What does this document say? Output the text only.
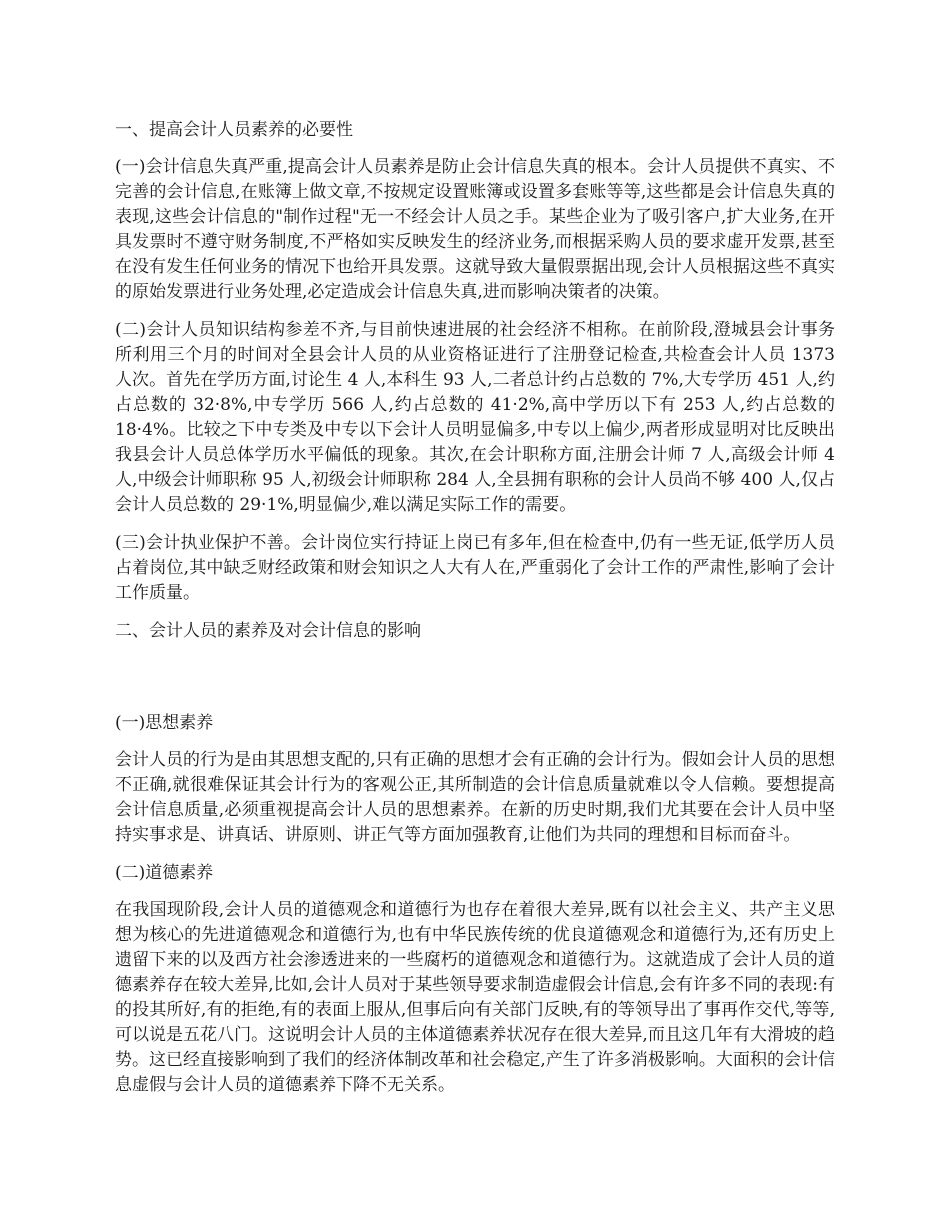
一、提高会计人员素养的必要性

(一)会计信息失真严重,提高会计人员素养是防止会计信息失真的根本。会计人员提供不真实、不完善的会计信息,在账簿上做文章,不按规定设置账簿或设置多套账等等,这些都是会计信息失真的表现,这些会计信息的"制作过程"无一不经会计人员之手。某些企业为了吸引客户,扩大业务,在开具发票时不遵守财务制度,不严格如实反映发生的经济业务,而根据采购人员的要求虚开发票,甚至在没有发生任何业务的情况下也给开具发票。这就导致大量假票据出现,会计人员根据这些不真实的原始发票进行业务处理,必定造成会计信息失真,进而影响决策者的决策。

(二)会计人员知识结构参差不齐,与目前快速进展的社会经济不相称。在前阶段,澄城县会计事务所利用三个月的时间对全县会计人员的从业资格证进行了注册登记检查,共检查会计人员 1373 人次。首先在学历方面,讨论生 4 人,本科生 93 人,二者总计约占总数的 7%,大专学历 451 人,约占总数的 32·8%,中专学历 566 人,约占总数的 41·2%,高中学历以下有 253 人,约占总数的 18·4%。比较之下中专类及中专以下会计人员明显偏多,中专以上偏少,两者形成显明对比反映出我县会计人员总体学历水平偏低的现象。其次,在会计职称方面,注册会计师 7 人,高级会计师 4 人,中级会计师职称 95 人,初级会计师职称 284 人,全县拥有职称的会计人员尚不够 400 人,仅占会计人员总数的 29·1%,明显偏少,难以满足实际工作的需要。

(三)会计执业保护不善。会计岗位实行持证上岗已有多年,但在检查中,仍有一些无证,低学历人员占着岗位,其中缺乏财经政策和财会知识之人大有人在,严重弱化了会计工作的严肃性,影响了会计工作质量。

二、会计人员的素养及对会计信息的影响

(一)思想素养

会计人员的行为是由其思想支配的,只有正确的思想才会有正确的会计行为。假如会计人员的思想不正确,就很难保证其会计行为的客观公正,其所制造的会计信息质量就难以令人信赖。要想提高会计信息质量,必须重视提高会计人员的思想素养。在新的历史时期,我们尤其要在会计人员中坚持实事求是、讲真话、讲原则、讲正气等方面加强教育,让他们为共同的理想和目标而奋斗。

(二)道德素养

在我国现阶段,会计人员的道德观念和道德行为也存在着很大差异,既有以社会主义、共产主义思想为核心的先进道德观念和道德行为,也有中华民族传统的优良道德观念和道德行为,还有历史上遗留下来的以及西方社会渗透进来的一些腐朽的道德观念和道德行为。这就造成了会计人员的道德素养存在较大差异,比如,会计人员对于某些领导要求制造虚假会计信息,会有许多不同的表现:有的投其所好,有的拒绝,有的表面上服从,但事后向有关部门反映,有的等领导出了事再作交代,等等,可以说是五花八门。这说明会计人员的主体道德素养状况存在很大差异,而且这几年有大滑坡的趋势。这已经直接影响到了我们的经济体制改革和社会稳定,产生了许多消极影响。大面积的会计信息虚假与会计人员的道德素养下降不无关系。
